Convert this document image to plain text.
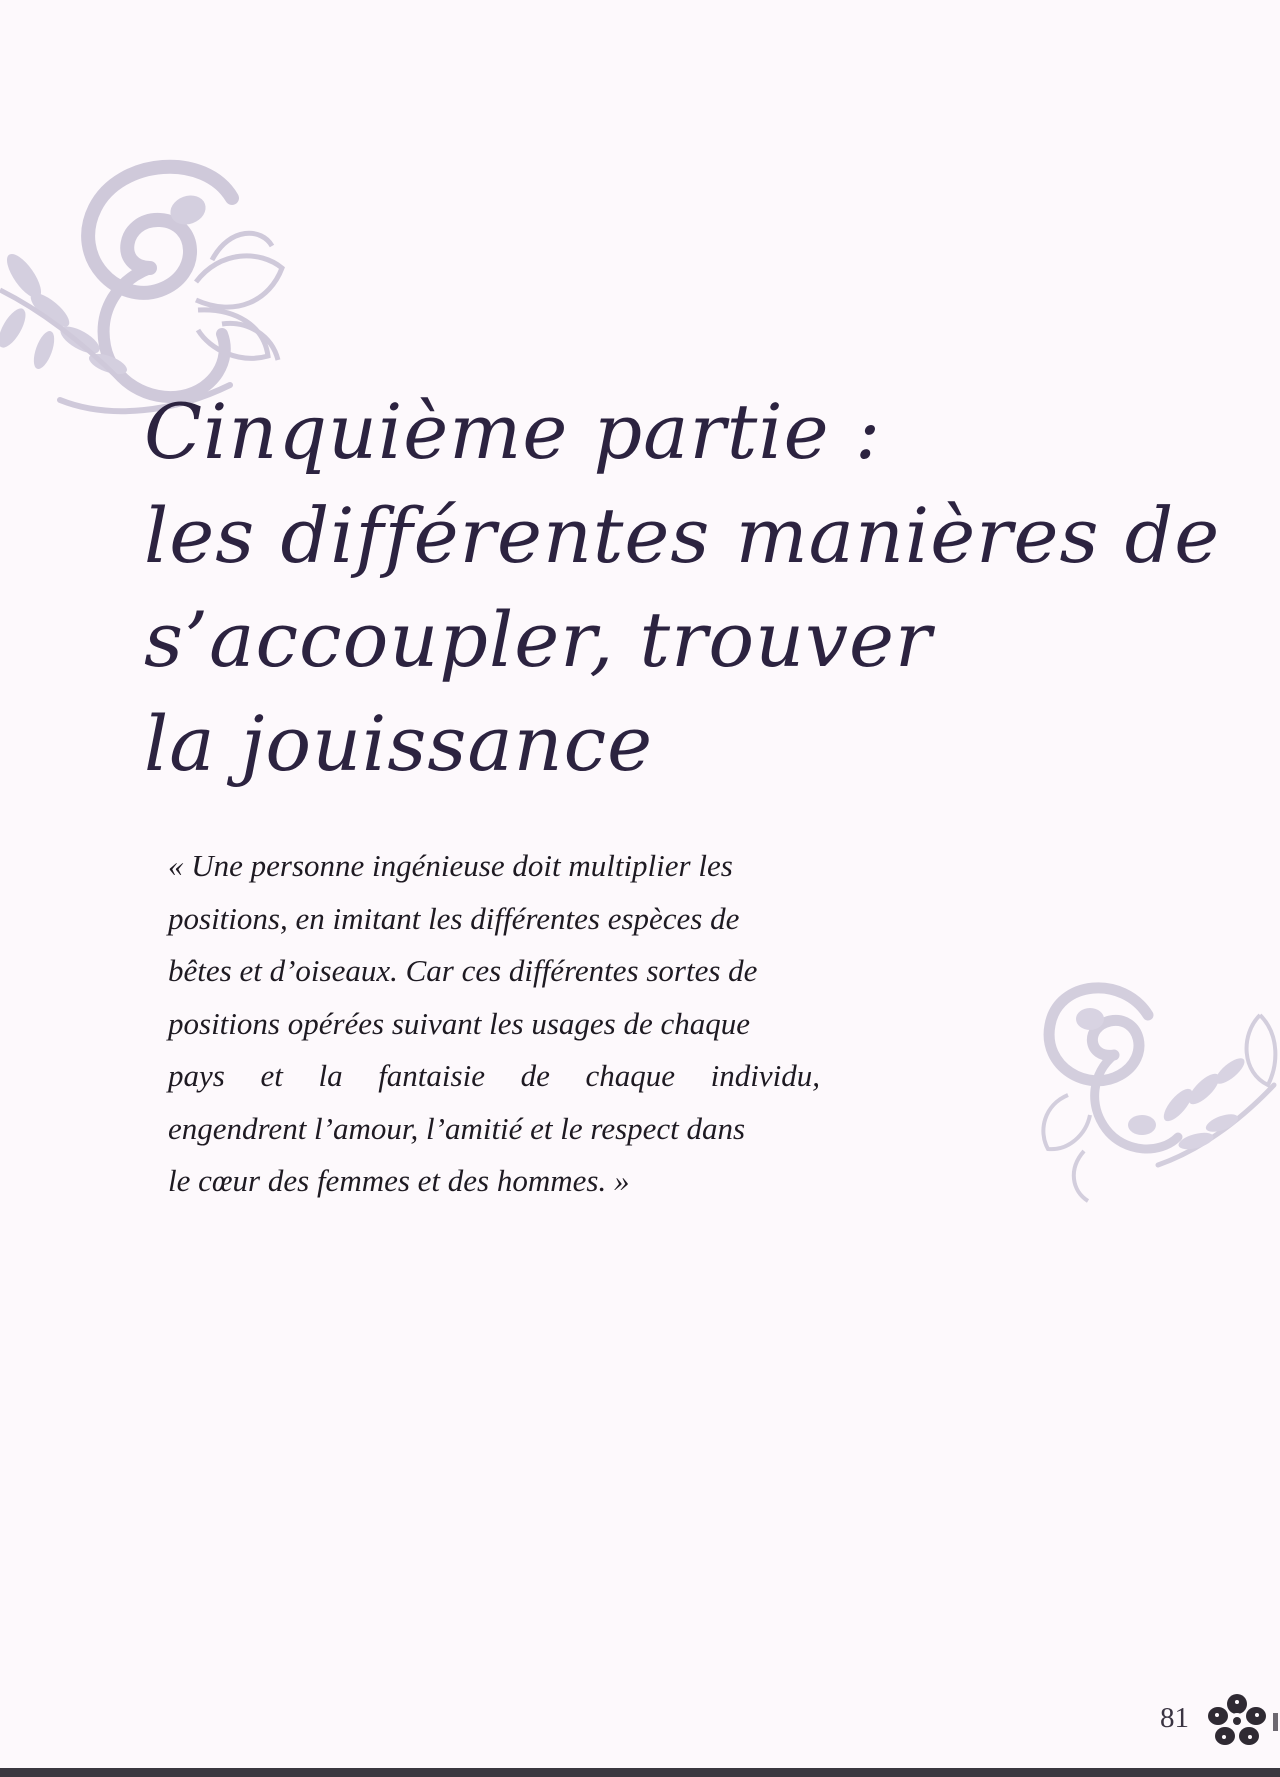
Cinquième partie :
les différentes manières de
s’accoupler, trouver
la jouissance

« Une personne ingénieuse doit multiplier les
positions, en imitant les différentes espèces de
bêtes et d’oiseaux. Car ces différentes sortes de
positions opérées suivant les usages de chaque
pays et la fantaisie de chaque individu,
engendrent l’amour, l’amitié et le respect dans
le cœur des femmes et des hommes. »

81
